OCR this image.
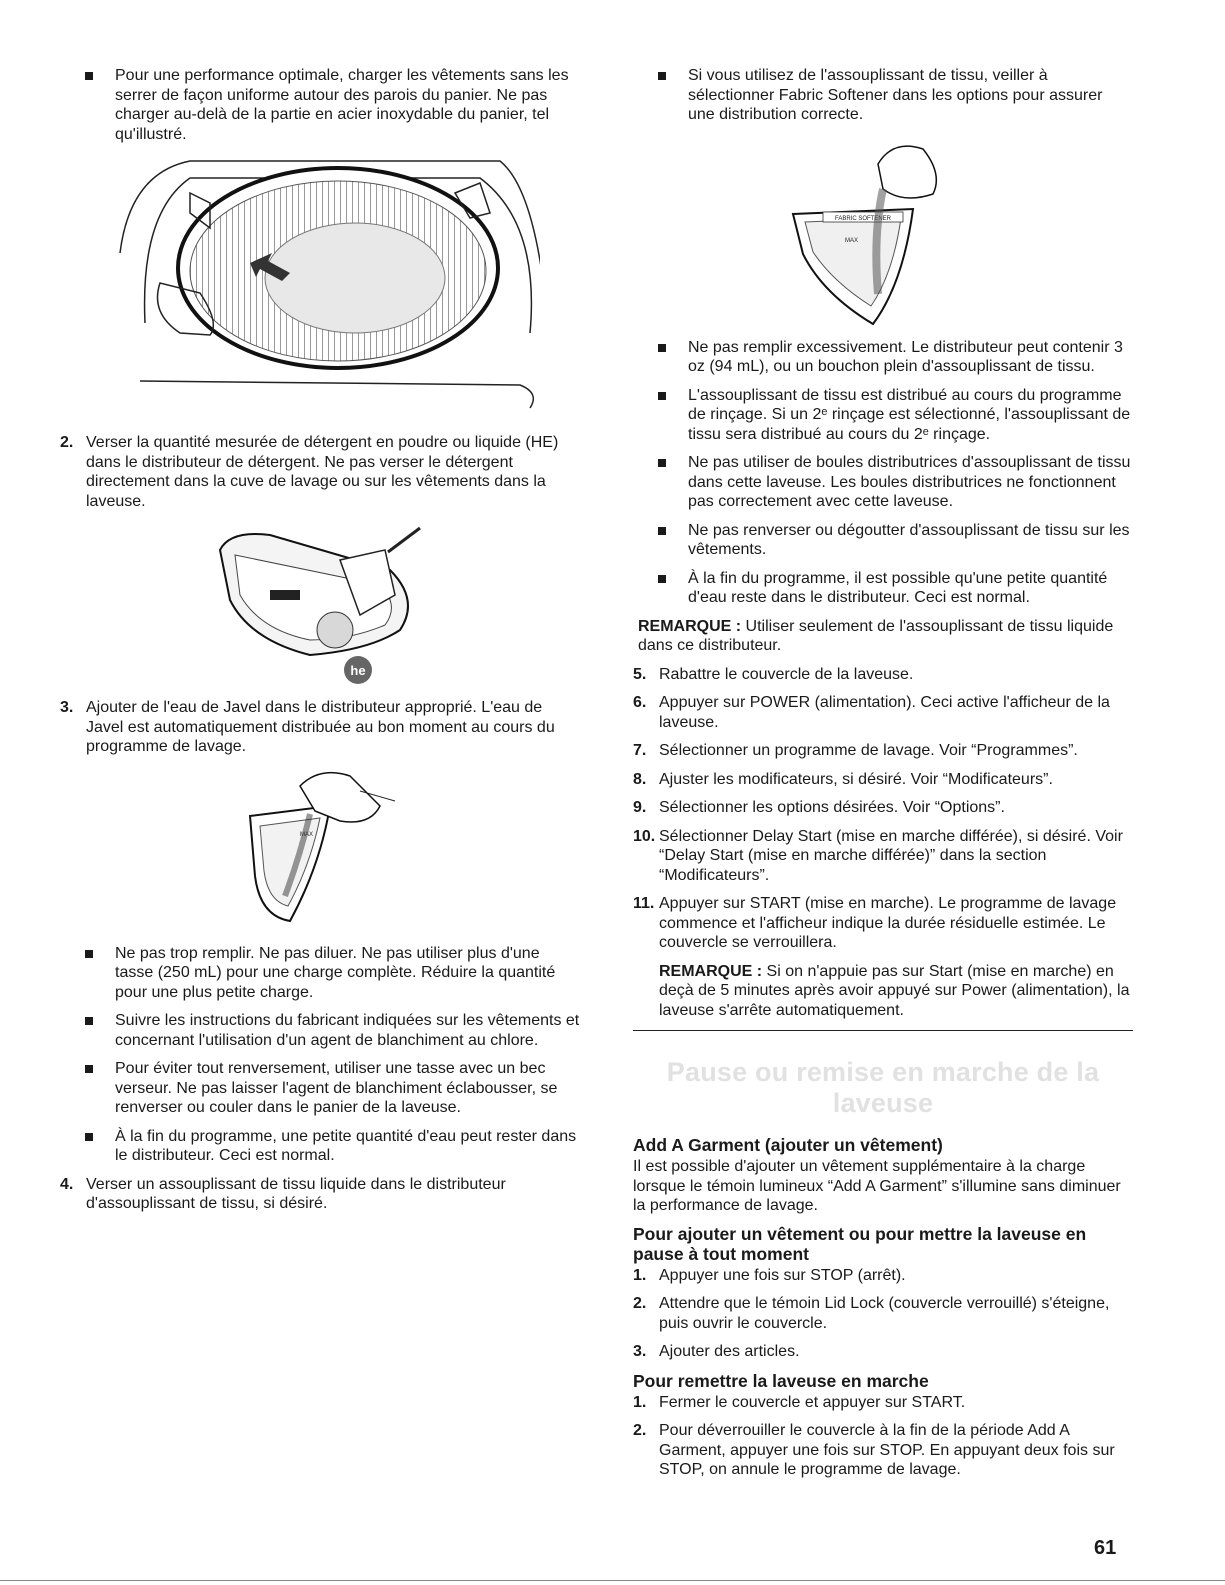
Pour une performance optimale, charger les vêtements sans les serrer de façon uniforme autour des parois du panier. Ne pas charger au-delà de la partie en acier inoxydable du panier, tel qu'illustré.
2. Verser la quantité mesurée de détergent en poudre ou liquide (HE) dans le distributeur de détergent. Ne pas verser le détergent directement dans la cuve de lavage ou sur les vêtements dans la laveuse.
he
3. Ajouter de l'eau de Javel dans le distributeur approprié. L'eau de Javel est automatiquement distribuée au bon moment au cours du programme de lavage.
MAX
Ne pas trop remplir. Ne pas diluer. Ne pas utiliser plus d'une tasse (250 mL) pour une charge complète. Réduire la quantité pour une plus petite charge.
Suivre les instructions du fabricant indiquées sur les vêtements et concernant l'utilisation d'un agent de blanchiment au chlore.
Pour éviter tout renversement, utiliser une tasse avec un bec verseur. Ne pas laisser l'agent de blanchiment éclabousser, se renverser ou couler dans le panier de la laveuse.
À la fin du programme, une petite quantité d'eau peut rester dans le distributeur. Ceci est normal.
4. Verser un assouplissant de tissu liquide dans le distributeur d'assouplissant de tissu, si désiré.
Si vous utilisez de l'assouplissant de tissu, veiller à sélectionner Fabric Softener dans les options pour assurer une distribution correcte.
FABRIC SOFTENER
MAX
Ne pas remplir excessivement. Le distributeur peut contenir 3 oz (94 mL), ou un bouchon plein d'assouplissant de tissu.
L'assouplissant de tissu est distribué au cours du programme de rinçage. Si un 2ᵉ rinçage est sélectionné, l'assouplissant de tissu sera distribué au cours du 2ᵉ rinçage.
Ne pas utiliser de boules distributrices d'assouplissant de tissu dans cette laveuse. Les boules distributrices ne fonctionnent pas correctement avec cette laveuse.
Ne pas renverser ou dégoutter d'assouplissant de tissu sur les vêtements.
À la fin du programme, il est possible qu'une petite quantité d'eau reste dans le distributeur. Ceci est normal.
REMARQUE : Utiliser seulement de l'assouplissant de tissu liquide dans ce distributeur.
5. Rabattre le couvercle de la laveuse.
6. Appuyer sur POWER (alimentation). Ceci active l'afficheur de la laveuse.
7. Sélectionner un programme de lavage. Voir “Programmes”.
8. Ajuster les modificateurs, si désiré. Voir “Modificateurs”.
9. Sélectionner les options désirées. Voir “Options”.
10. Sélectionner Delay Start (mise en marche différée), si désiré. Voir “Delay Start (mise en marche différée)” dans la section “Modificateurs”.
11. Appuyer sur START (mise en marche). Le programme de lavage commence et l'afficheur indique la durée résiduelle estimée. Le couvercle se verrouillera.
REMARQUE : Si on n'appuie pas sur Start (mise en marche) en deçà de 5 minutes après avoir appuyé sur Power (alimentation), la laveuse s'arrête automatiquement.
Pause ou remise en marche de la laveuse
Add A Garment (ajouter un vêtement)
Il est possible d'ajouter un vêtement supplémentaire à la charge lorsque le témoin lumineux “Add A Garment” s'illumine sans diminuer la performance de lavage.
Pour ajouter un vêtement ou pour mettre la laveuse en pause à tout moment
1. Appuyer une fois sur STOP (arrêt).
2. Attendre que le témoin Lid Lock (couvercle verrouillé) s'éteigne, puis ouvrir le couvercle.
3. Ajouter des articles.
Pour remettre la laveuse en marche
1. Fermer le couvercle et appuyer sur START.
2. Pour déverrouiller le couvercle à la fin de la période Add A Garment, appuyer une fois sur STOP. En appuyant deux fois sur STOP, on annule le programme de lavage.
61
